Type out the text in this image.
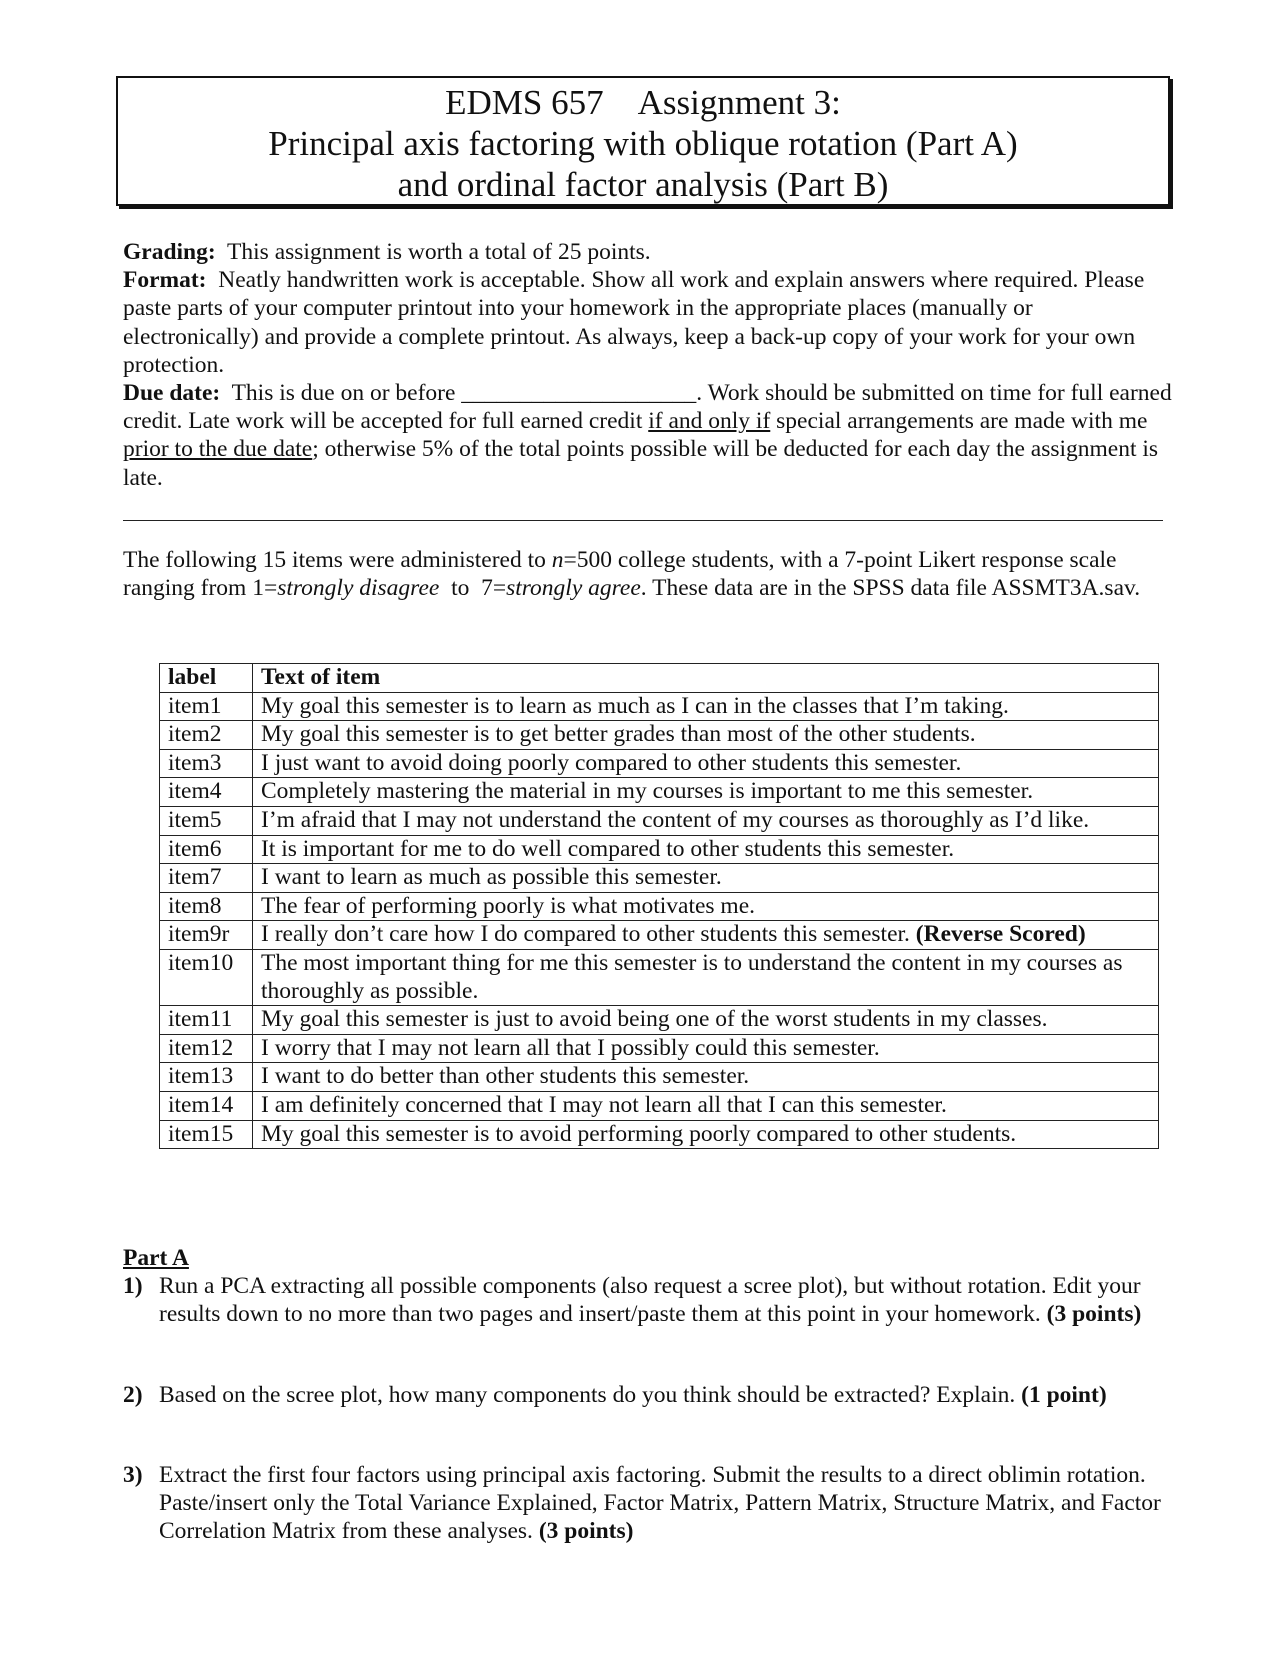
EDMS 657 Assignment 3:
Principal axis factoring with oblique rotation (Part A)
and ordinal factor analysis (Part B)

Grading: This assignment is worth a total of 25 points.

Format: Neatly handwritten work is acceptable. Show all work and explain answers where required. Please paste parts of your computer printout into your homework in the appropriate places (manually or electronically) and provide a complete printout. As always, keep a back-up copy of your work for your own protection.

Due date: This is due on or before ____________________. Work should be submitted on time for full earned credit. Late work will be accepted for full earned credit if and only if special arrangements are made with me prior to the due date; otherwise 5% of the total points possible will be deducted for each day the assignment is late.

The following 15 items were administered to n=500 college students, with a 7-point Likert response scale ranging from 1=strongly disagree  to  7=strongly agree. These data are in the SPSS data file ASSMT3A.sav.

label	Text of item
item1	My goal this semester is to learn as much as I can in the classes that I’m taking.
item2	My goal this semester is to get better grades than most of the other students.
item3	I just want to avoid doing poorly compared to other students this semester.
item4	Completely mastering the material in my courses is important to me this semester.
item5	I’m afraid that I may not understand the content of my courses as thoroughly as I’d like.
item6	It is important for me to do well compared to other students this semester.
item7	I want to learn as much as possible this semester.
item8	The fear of performing poorly is what motivates me.
item9r	I really don’t care how I do compared to other students this semester. (Reverse Scored)
item10	The most important thing for me this semester is to understand the content in my courses as thoroughly as possible.
item11	My goal this semester is just to avoid being one of the worst students in my classes.
item12	I worry that I may not learn all that I possibly could this semester.
item13	I want to do better than other students this semester.
item14	I am definitely concerned that I may not learn all that I can this semester.
item15	My goal this semester is to avoid performing poorly compared to other students.
Part A
1) Run a PCA extracting all possible components (also request a scree plot), but without rotation. Edit your results down to no more than two pages and insert/paste them at this point in your homework. (3 points)
2) Based on the scree plot, how many components do you think should be extracted? Explain. (1 point)
3) Extract the first four factors using principal axis factoring. Submit the results to a direct oblimin rotation. Paste/insert only the Total Variance Explained, Factor Matrix, Pattern Matrix, Structure Matrix, and Factor Correlation Matrix from these analyses. (3 points)
